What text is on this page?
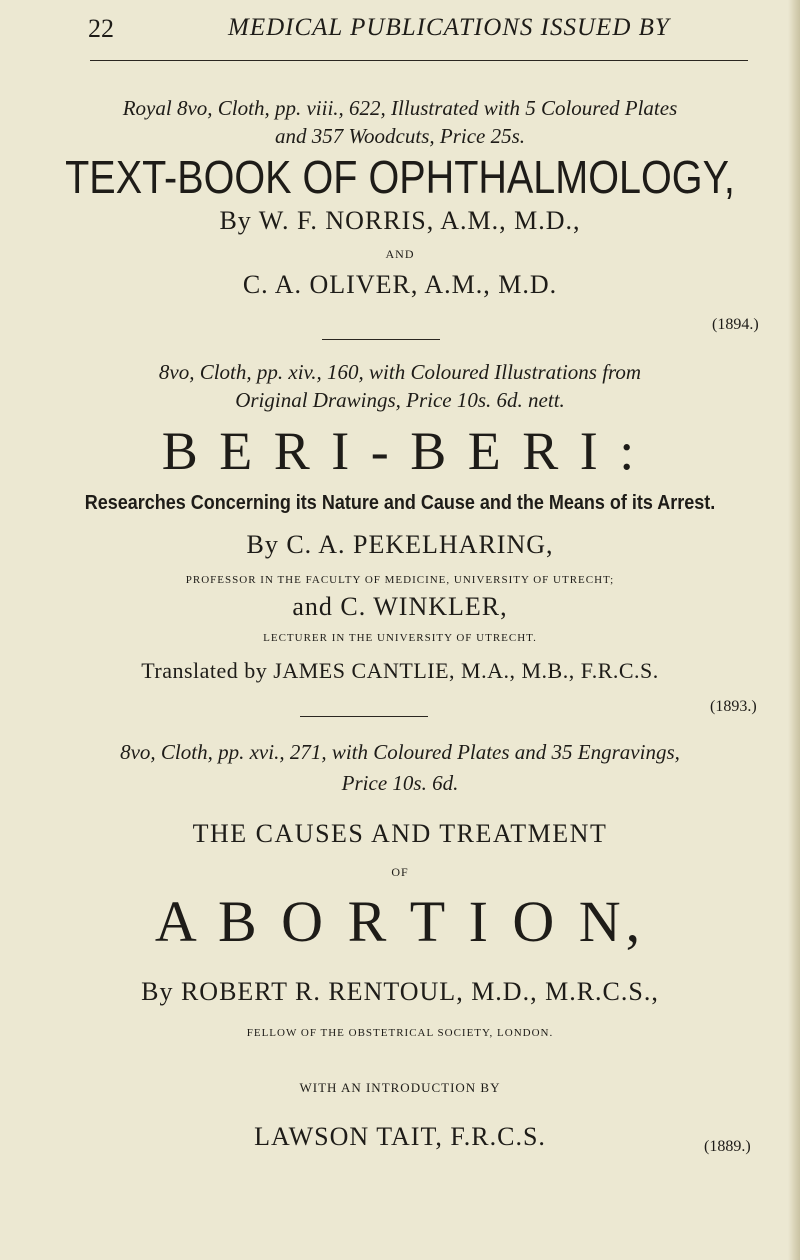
22	MEDICAL PUBLICATIONS ISSUED BY
Royal 8vo, Cloth, pp. viii., 622, Illustrated with 5 Coloured Plates
and 357 Woodcuts, Price 25s.
TEXT-BOOK OF OPHTHALMOLOGY,
By W. F. NORRIS, A.M., M.D.,
AND
C. A. OLIVER, A.M., M.D.
(1894.)
8vo, Cloth, pp. xiv., 160, with Coloured Illustrations from
Original Drawings, Price 10s. 6d. nett.
B E R I - B E R I :
Researches Concerning its Nature and Cause and the Means of its Arrest.
By C. A. PEKELHARING,
PROFESSOR IN THE FACULTY OF MEDICINE, UNIVERSITY OF UTRECHT;
and C. WINKLER,
LECTURER IN THE UNIVERSITY OF UTRECHT.
Translated by JAMES CANTLIE, M.A., M.B., F.R.C.S.
(1893.)
8vo, Cloth, pp. xvi., 271, with Coloured Plates and 35 Engravings,
Price 10s. 6d.
THE CAUSES AND TREATMENT
OF
A B O R T I O N,
By ROBERT R. RENTOUL, M.D., M.R.C.S.,
FELLOW OF THE OBSTETRICAL SOCIETY, LONDON.
WITH AN INTRODUCTION BY
LAWSON TAIT, F.R.C.S.	(1889.)
